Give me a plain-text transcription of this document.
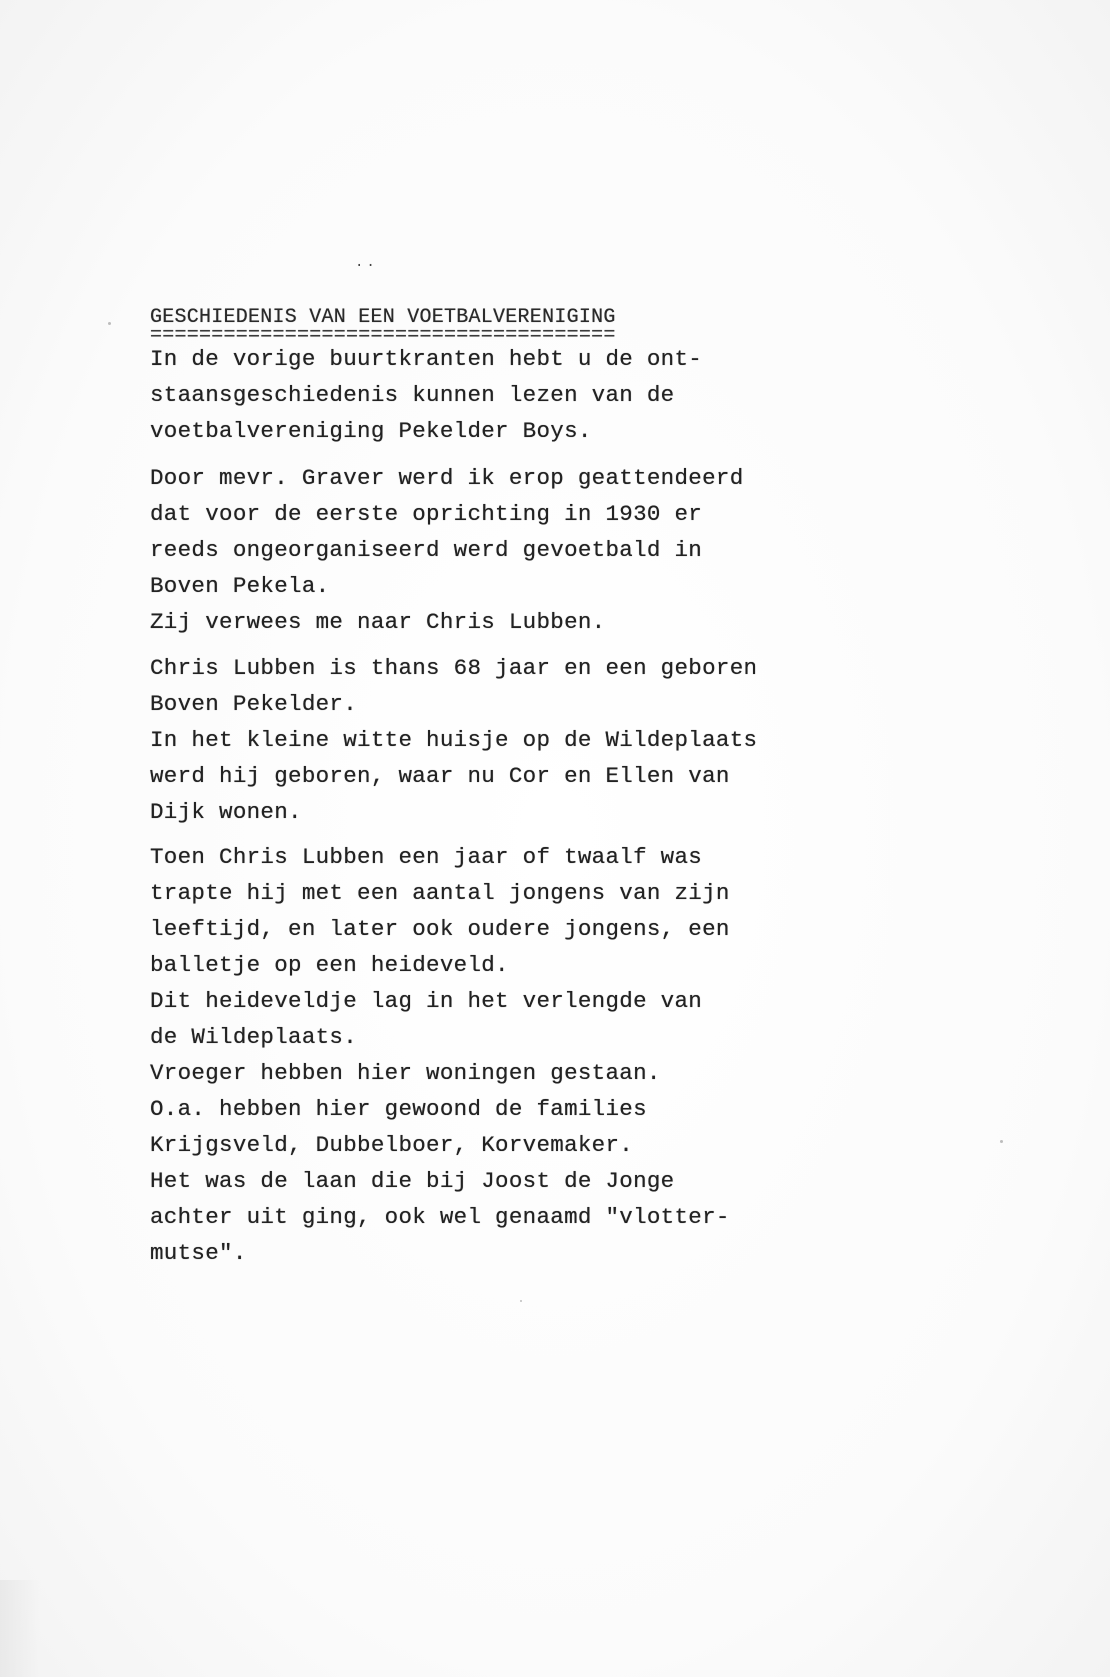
..
GESCHIEDENIS VAN EEN VOETBALVERENIGING
======================================
In de vorige buurtkranten hebt u de ont-
staansgeschiedenis kunnen lezen van de
voetbalvereniging Pekelder Boys.
Door mevr. Graver werd ik erop geattendeerd
dat voor de eerste oprichting in 1930 er
reeds ongeorganiseerd werd gevoetbald in
Boven Pekela.
Zij verwees me naar Chris Lubben.
Chris Lubben is thans 68 jaar en een geboren
Boven Pekelder.
In het kleine witte huisje op de Wildeplaats
werd hij geboren, waar nu Cor en Ellen van
Dijk wonen.
Toen Chris Lubben een jaar of twaalf was
trapte hij met een aantal jongens van zijn
leeftijd, en later ook oudere jongens, een
balletje op een heideveld.
Dit heideveldje lag in het verlengde van
de Wildeplaats.
Vroeger hebben hier woningen gestaan.
O.a. hebben hier gewoond de families
Krijgsveld, Dubbelboer, Korvemaker.
Het was de laan die bij Joost de Jonge
achter uit ging, ook wel genaamd "vlotter-
mutse".
